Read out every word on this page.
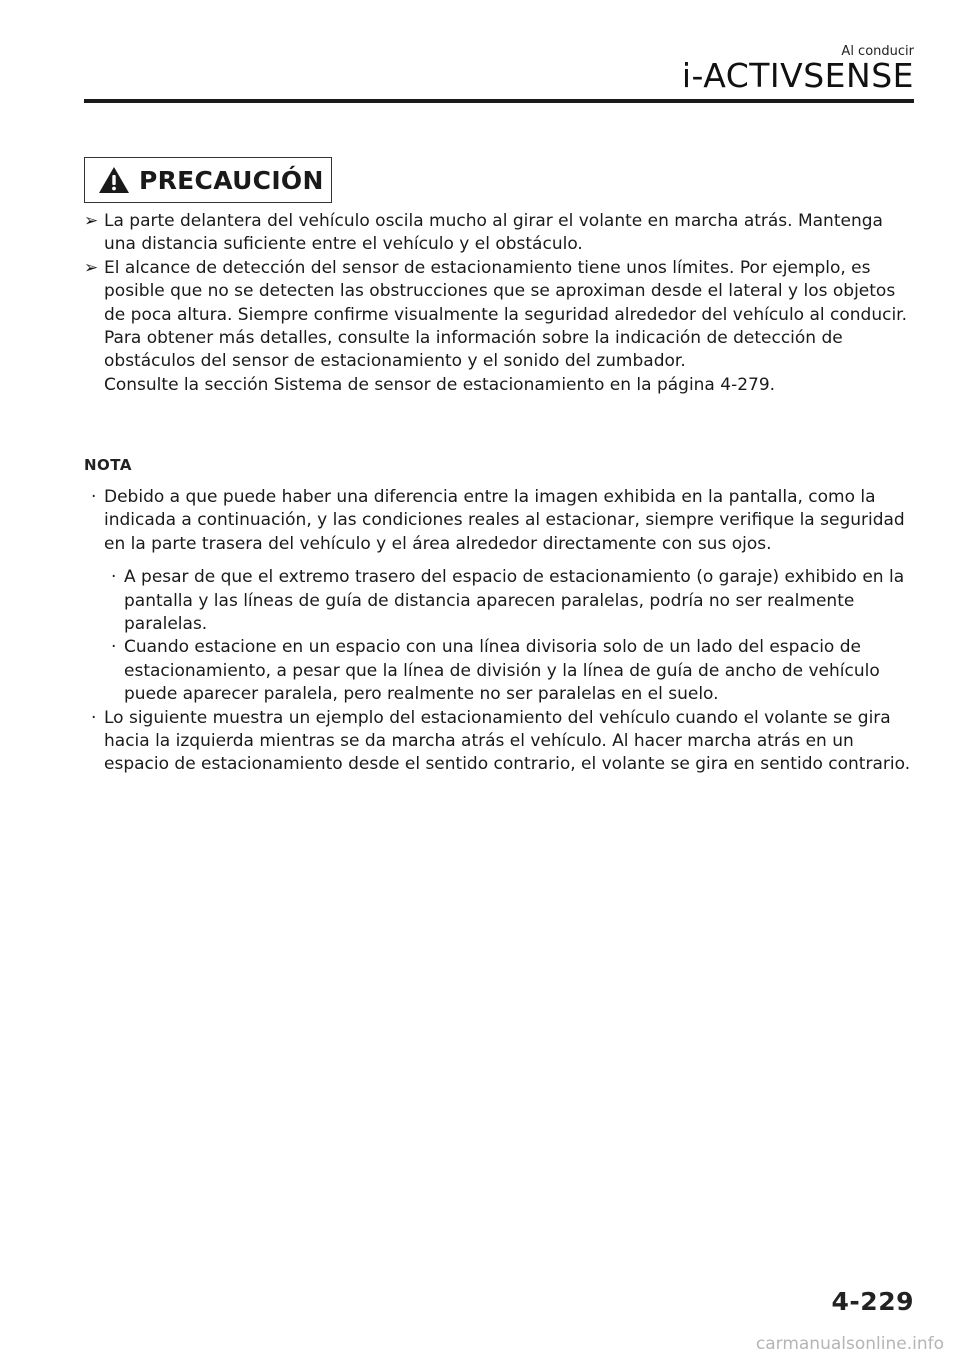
Al conducir
i-ACTIVSENSE
PRECAUCIÓN
➢ La parte delantera del vehículo oscila mucho al girar el volante en marcha atrás. Mantenga una distancia suficiente entre el vehículo y el obstáculo.
➢ El alcance de detección del sensor de estacionamiento tiene unos límites. Por ejemplo, es posible que no se detecten las obstrucciones que se aproximan desde el lateral y los objetos de poca altura. Siempre confirme visualmente la seguridad alrededor del vehículo al conducir.
Para obtener más detalles, consulte la información sobre la indicación de detección de obstáculos del sensor de estacionamiento y el sonido del zumbador.
Consulte la sección Sistema de sensor de estacionamiento en la página 4-279.
NOTA
· Debido a que puede haber una diferencia entre la imagen exhibida en la pantalla, como la indicada a continuación, y las condiciones reales al estacionar, siempre verifique la seguridad en la parte trasera del vehículo y el área alrededor directamente con sus ojos.
· A pesar de que el extremo trasero del espacio de estacionamiento (o garaje) exhibido en la pantalla y las líneas de guía de distancia aparecen paralelas, podría no ser realmente paralelas.
· Cuando estacione en un espacio con una línea divisoria solo de un lado del espacio de estacionamiento, a pesar que la línea de división y la línea de guía de ancho de vehículo puede aparecer paralela, pero realmente no ser paralelas en el suelo.
· Lo siguiente muestra un ejemplo del estacionamiento del vehículo cuando el volante se gira hacia la izquierda mientras se da marcha atrás el vehículo. Al hacer marcha atrás en un espacio de estacionamiento desde el sentido contrario, el volante se gira en sentido contrario.
4-229
carmanualsonline.info
